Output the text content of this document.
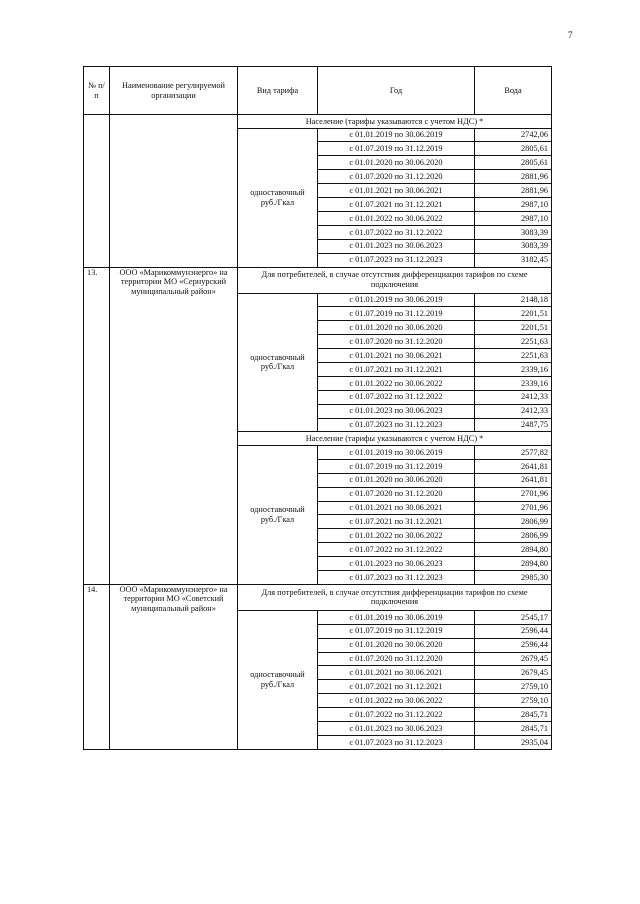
7
№ п/п	Наименование регулируемой организации	Вид тарифа	Год	Вода
		Население (тарифы указываются с учетом НДС) *		
		одноставочный руб./Гкал	с 01.01.2019 по 30.06.2019	2742,06
			с 01.07.2019 по 31.12.2019	2805,61
			с 01.01.2020 по 30.06.2020	2805,61
			с 01.07.2020 по 31.12.2020	2881,96
			с 01.01.2021 по 30.06.2021	2881,96
			с 01.07.2021 по 31.12.2021	2987,10
			с 01.01.2022 по 30.06.2022	2987,10
			с 01.07.2022 по 31.12.2022	3083,39
			с 01.01.2023 по 30.06.2023	3083,39
			с 01.07.2023 по 31.12.2023	3182,45
13.	ООО «Марикоммунэнерго» на территории МО «Сернурский муниципальный район»	Для потребителей, в случае отсутствия дифференциации тарифов по схеме подключения		
		одноставочный руб./Гкал	с 01.01.2019 по 30.06.2019	2148,18
			с 01.07.2019 по 31.12.2019	2201,51
			с 01.01.2020 по 30.06.2020	2201,51
			с 01.07.2020 по 31.12.2020	2251,63
			с 01.01.2021 по 30.06.2021	2251,63
			с 01.07.2021 по 31.12.2021	2339,16
			с 01.01.2022 по 30.06.2022	2339,16
			с 01.07.2022 по 31.12.2022	2412,33
			с 01.01.2023 по 30.06.2023	2412,33
			с 01.07.2023 по 31.12.2023	2487,75
		Население (тарифы указываются с учетом НДС) *		
		одноставочный руб./Гкал	с 01.01.2019 по 30.06.2019	2577,82
			с 01.07.2019 по 31.12.2019	2641,81
			с 01.01.2020 по 30.06.2020	2641,81
			с 01.07.2020 по 31.12.2020	2701,96
			с 01.01.2021 по 30.06.2021	2701,96
			с 01.07.2021 по 31.12.2021	2806,99
			с 01.01.2022 по 30.06.2022	2806,99
			с 01.07.2022 по 31.12.2022	2894,80
			с 01.01.2023 по 30.06.2023	2894,80
			с 01.07.2023 по 31.12.2023	2985,30
14.	ООО «Марикоммунэнерго» на территории МО «Советский муниципальный район»	Для потребителей, в случае отсутствия дифференциации тарифов по схеме подключения		
		одноставочный руб./Гкал	с 01.01.2019 по 30.06.2019	2545,17
			с 01.07.2019 по 31.12.2019	2596,44
			с 01.01.2020 по 30.06.2020	2596,44
			с 01.07.2020 по 31.12.2020	2679,45
			с 01.01.2021 по 30.06.2021	2679,45
			с 01.07.2021 по 31.12.2021	2759,10
			с 01.01.2022 по 30.06.2022	2759,10
			с 01.07.2022 по 31.12.2022	2845,71
			с 01.01.2023 по 30.06.2023	2845,71
			с 01.07.2023 по 31.12.2023	2935,04
